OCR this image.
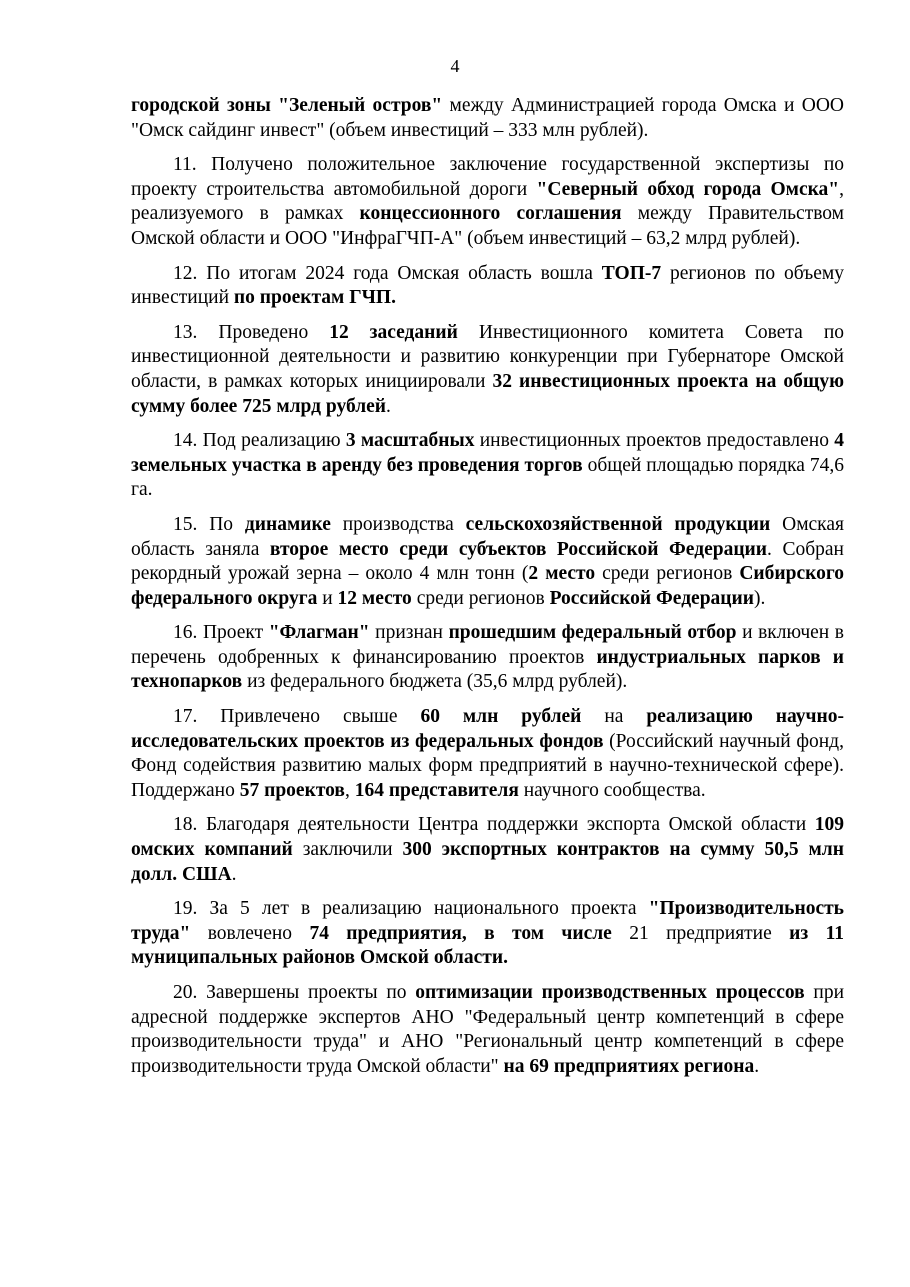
4

городской зоны "Зеленый остров" между Администрацией города Омска и ООО "Омск сайдинг инвест" (объем инвестиций – 333 млн рублей).

11. Получено положительное заключение государственной экспертизы по проекту строительства автомобильной дороги "Северный обход города Омска", реализуемого в рамках концессионного соглашения между Правительством Омской области и ООО "ИнфраГЧП-А" (объем инвестиций – 63,2 млрд рублей).

12. По итогам 2024 года Омская область вошла ТОП-7 регионов по объему инвестиций по проектам ГЧП.

13. Проведено 12 заседаний Инвестиционного комитета Совета по инвестиционной деятельности и развитию конкуренции при Губернаторе Омской области, в рамках которых инициировали 32 инвестиционных проекта на общую сумму более 725 млрд рублей.

14. Под реализацию 3 масштабных инвестиционных проектов предоставлено 4 земельных участка в аренду без проведения торгов общей площадью порядка 74,6 га.

15. По динамике производства сельскохозяйственной продукции Омская область заняла второе место среди субъектов Российской Федерации. Собран рекордный урожай зерна – около 4 млн тонн (2 место среди регионов Сибирского федерального округа и 12 место среди регионов Российской Федерации).

16. Проект "Флагман" признан прошедшим федеральный отбор и включен в перечень одобренных к финансированию проектов индустриальных парков и технопарков из федерального бюджета (35,6 млрд рублей).

17. Привлечено свыше 60 млн рублей на реализацию научно-исследовательских проектов из федеральных фондов (Российский научный фонд, Фонд содействия развитию малых форм предприятий в научно-технической сфере). Поддержано 57 проектов, 164 представителя научного сообщества.

18. Благодаря деятельности Центра поддержки экспорта Омской области 109 омских компаний заключили 300 экспортных контрактов на сумму 50,5 млн долл. США.

19. За 5 лет в реализацию национального проекта "Производительность труда" вовлечено 74 предприятия, в том числе 21 предприятие из 11 муниципальных районов Омской области.

20. Завершены проекты по оптимизации производственных процессов при адресной поддержке экспертов АНО "Федеральный центр компетенций в сфере производительности труда" и АНО "Региональный центр компетенций в сфере производительности труда Омской области" на 69 предприятиях региона.
